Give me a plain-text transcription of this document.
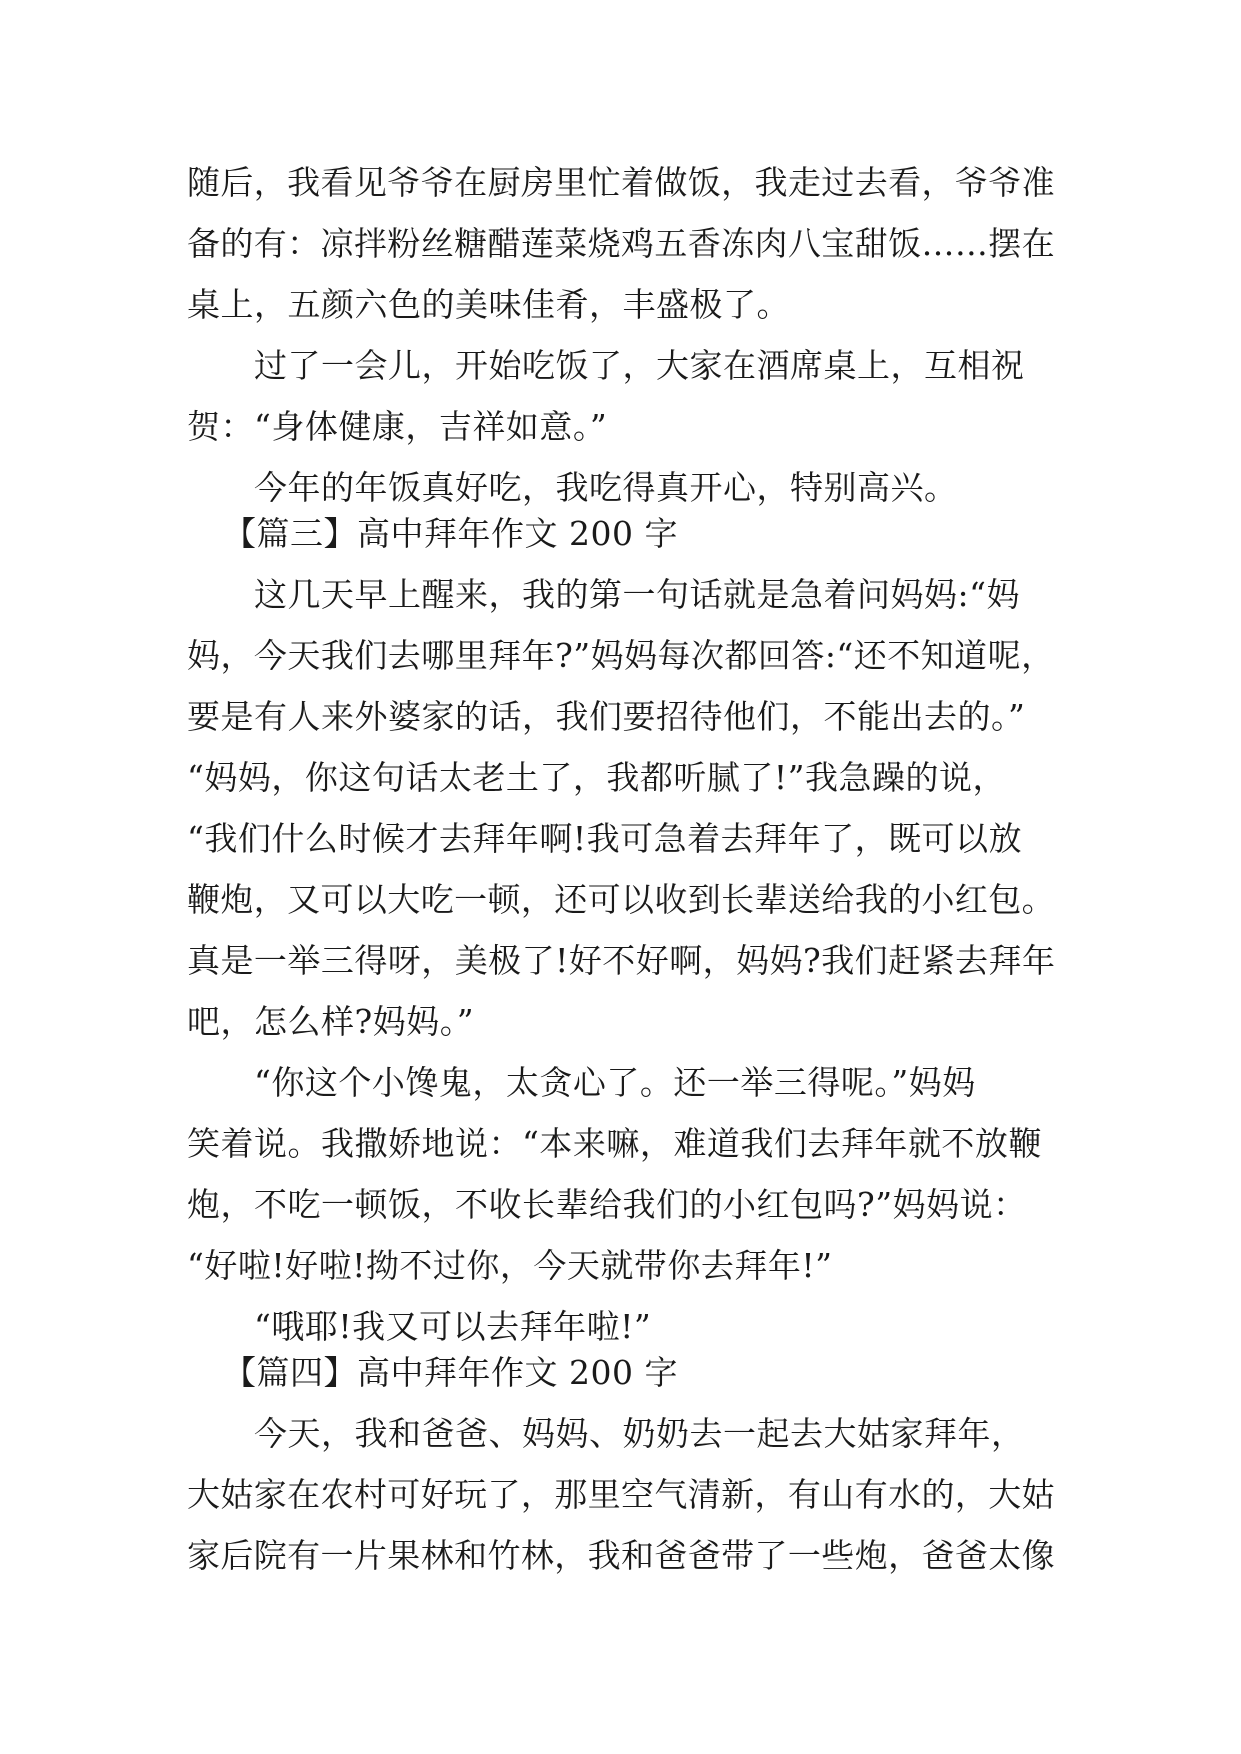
随后，我看见爷爷在厨房里忙着做饭，我走过去看，爷爷准
备的有：凉拌粉丝糖醋莲菜烧鸡五香冻肉八宝甜饭……摆在
桌上，五颜六色的美味佳肴，丰盛极了。
　　过了一会儿，开始吃饭了，大家在酒席桌上，互相祝
贺：“身体健康，吉祥如意。”
　　今年的年饭真好吃，我吃得真开心，特别高兴。
【篇三】高中拜年作文 200 字
　　这几天早上醒来，我的第一句话就是急着问妈妈:“妈
妈，今天我们去哪里拜年?”妈妈每次都回答:“还不知道呢，
要是有人来外婆家的话，我们要招待他们，不能出去的。”
“妈妈，你这句话太老土了，我都听腻了!”我急躁的说，
“我们什么时候才去拜年啊!我可急着去拜年了，既可以放
鞭炮，又可以大吃一顿，还可以收到长辈送给我的小红包。
真是一举三得呀，美极了!好不好啊，妈妈?我们赶紧去拜年
吧，怎么样?妈妈。”
　　“你这个小馋鬼，太贪心了。还一举三得呢。”妈妈
笑着说。我撒娇地说：“本来嘛，难道我们去拜年就不放鞭
炮，不吃一顿饭，不收长辈给我们的小红包吗?”妈妈说：
“好啦!好啦!拗不过你，今天就带你去拜年!”
　　“哦耶!我又可以去拜年啦!”
【篇四】高中拜年作文 200 字
　　今天，我和爸爸、妈妈、奶奶去一起去大姑家拜年，
大姑家在农村可好玩了，那里空气清新，有山有水的，大姑
家后院有一片果林和竹林，我和爸爸带了一些炮，爸爸太像
